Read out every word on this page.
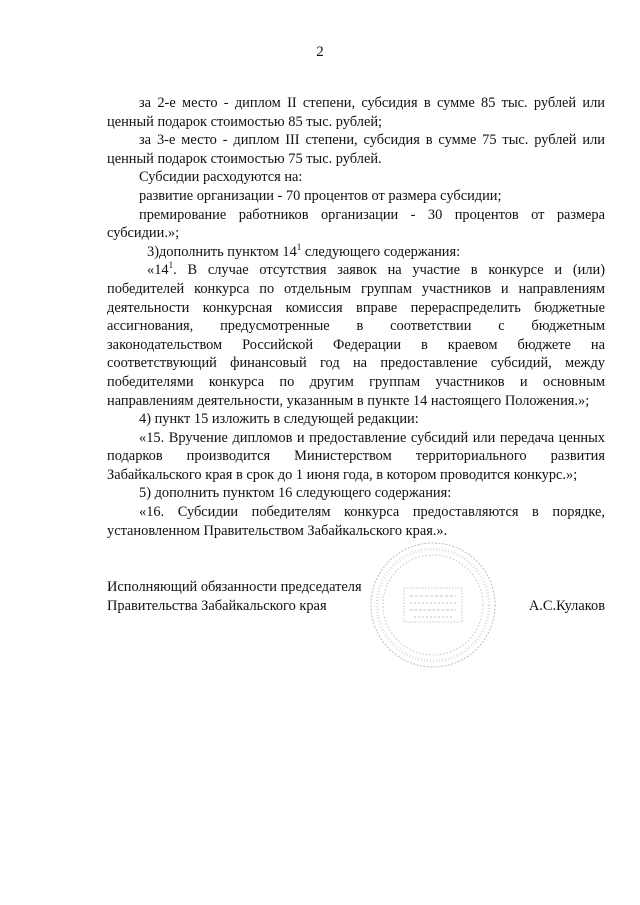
2

за 2-е место - диплом II степени, субсидия в сумме 85 тыс. рублей или ценный подарок стоимостью 85 тыс. рублей;

за 3-е место - диплом III степени, субсидия в сумме 75 тыс. рублей или ценный подарок стоимостью 75 тыс. рублей.

Субсидии расходуются на:

развитие организации - 70 процентов от размера субсидии;

премирование работников организации - 30 процентов от размера субсидии.»;

3)дополнить пунктом $14^1$ следующего содержания:

«$14^1$. В случае отсутствия заявок на участие в конкурсе и (или) победителей конкурса по отдельным группам участников и направлениям деятельности конкурсная комиссия вправе перераспределить бюджетные ассигнования, предусмотренные в соответствии с бюджетным законодательством Российской Федерации в краевом бюджете на соответствующий финансовый год на предоставление субсидий, между победителями конкурса по другим группам участников и основным направлениям деятельности, указанным в пункте 14 настоящего Положения.»;

4) пункт 15 изложить в следующей редакции:

«15. Вручение дипломов и предоставление субсидий или передача ценных подарков производится Министерством территориального развития Забайкальского края в срок до 1 июня года, в котором проводится конкурс.»;

5) дополнить пунктом 16 следующего содержания:

«16. Субсидии победителям конкурса предоставляются в порядке, установленном Правительством Забайкальского края.».

Исполняющий обязанности председателя
Правительства Забайкальского края	А.С.Кулаков
